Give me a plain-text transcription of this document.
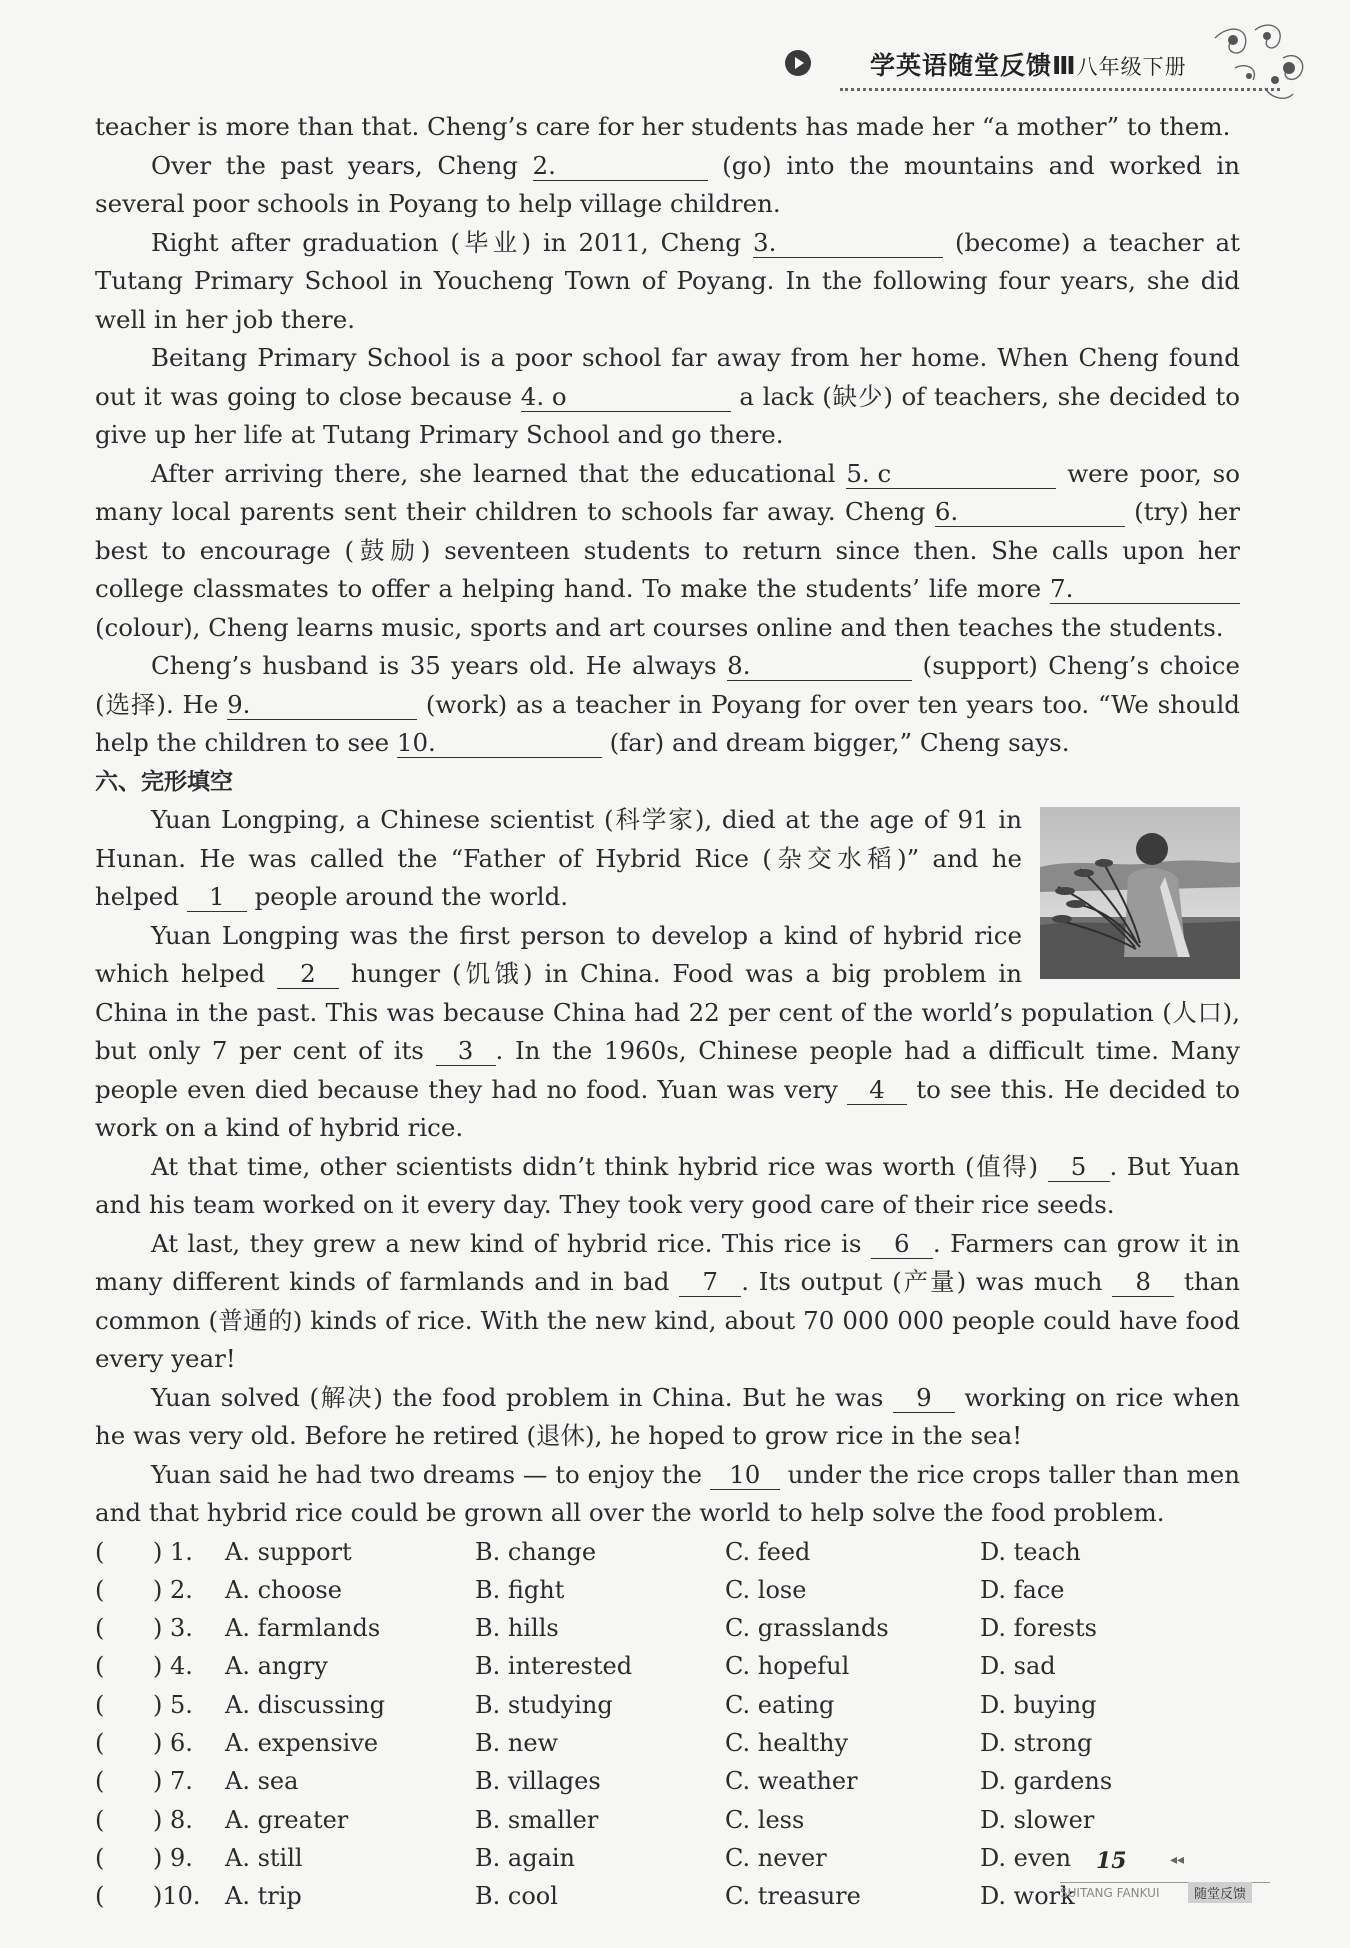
学英语随堂反馈Ⅲ八年级下册

teacher is more than that. Cheng’s care for her students has made her “a mother” to them.

Over the past years, Cheng 2.	(go) into the mountains and worked in several poor schools in Poyang to help village children.

Right after graduation (毕业) in 2011, Cheng 3.	(become) a teacher at Tutang Primary School in Youcheng Town of Poyang. In the following four years, she did well in her job there.

Beitang Primary School is a poor school far away from her home. When Cheng found out it was going to close because 4. o	a lack (缺少) of teachers, she decided to give up her life at Tutang Primary School and go there.

After arriving there, she learned that the educational 5. c	were poor, so many local parents sent their children to schools far away. Cheng 6.	(try) her best to encourage (鼓励) seventeen students to return since then. She calls upon her college classmates to offer a helping hand. To make the students’ life more 7. (colour), Cheng learns music, sports and art courses online and then teaches the students.

Cheng’s husband is 35 years old. He always 8.	(support) Cheng’s choice (选择). He 9.	(work) as a teacher in Poyang for over ten years too. “We should help the children to see 10.	(far) and dream bigger,” Cheng says.

六、完形填空

Yuan Longping, a Chinese scientist (科学家), died at the age of 91 in Hunan. He was called the “Father of Hybrid Rice (杂交水稻)” and he helped 1 people around the world.

Yuan Longping was the first person to develop a kind of hybrid rice which helped 2 hunger (饥饿) in China. Food was a big problem in China in the past. This was because China had 22 per cent of the world’s population (人口), but only 7 per cent of its 3 . In the 1960s, Chinese people had a difficult time. Many people even died because they had no food. Yuan was very 4 to see this. He decided to work on a kind of hybrid rice.

At that time, other scientists didn’t think hybrid rice was worth (值得) 5 . But Yuan and his team worked on it every day. They took very good care of their rice seeds.

At last, they grew a new kind of hybrid rice. This rice is 6 . Farmers can grow it in many different kinds of farmlands and in bad 7 . Its output (产量) was much 8 than common (普通的) kinds of rice. With the new kind, about 70 000 000 people could have food every year!

Yuan solved (解决) the food problem in China. But he was 9 working on rice when he was very old. Before he retired (退休), he hoped to grow rice in the sea!

Yuan said he had two dreams — to enjoy the 10 under the rice crops taller than men and that hybrid rice could be grown all over the world to help solve the food problem.

( ) 1. A. support	B. change	C. feed	D. teach
( ) 2. A. choose	B. fight	C. lose	D. face
( ) 3. A. farmlands	B. hills	C. grasslands	D. forests
( ) 4. A. angry	B. interested	C. hopeful	D. sad
( ) 5. A. discussing	B. studying	C. eating	D. buying
( ) 6. A. expensive	B. new	C. healthy	D. strong
( ) 7. A. sea	B. villages	C. weather	D. gardens
( ) 8. A. greater	B. smaller	C. less	D. slower
( ) 9. A. still	B. again	C. never	D. even
( )10. A. trip	B. cool	C. treasure	D. work
15	◂◂
SUITANG FANKUI	随堂反馈
